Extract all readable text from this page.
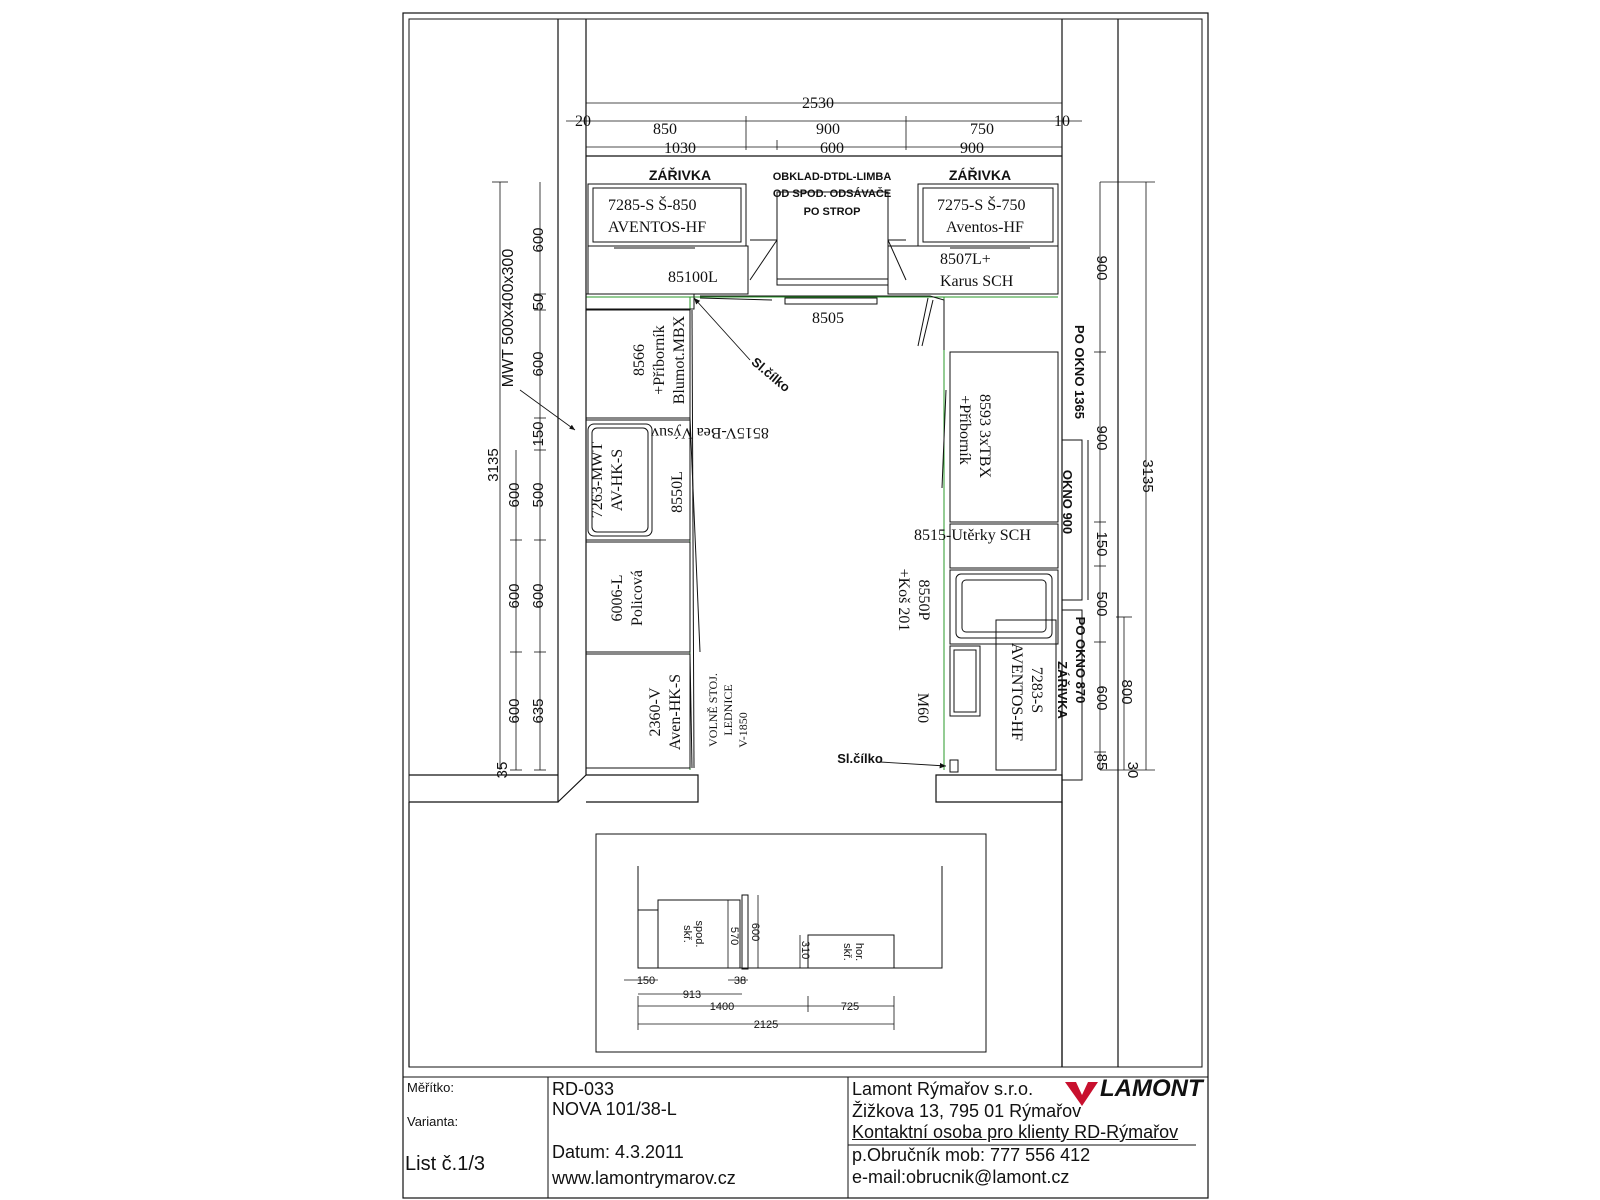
2530
20	10
850	900	750
1030	600	900
ZÁŘIVKA	OBKLAD-DTDL-LIMBA
OD SPOD. ODSÁVAČE
PO STROP
ZÁŘIVKA
7285-S Š-850
AVENTOS-HF
7275-S Š-750
Aventos-HF
85100L
8505
8507L+
Karus SCH
8566 +Příborník Blumot.MBX
8515V-Bea Výsuv
7263-MWT AV-HK-S	8550L
6006-L Policová
2360-V Aven-HK-S VOLNĚ STOJ. LEDNICE V-1850
8593 3xTBX
+Příborník
8515-Utěrky SCH
8550P
+Koš 201
7283-S
AVENTOS-HF
M60
Sl.čílko
Sl.čílko
MWT 500x400x300	PO OKNO 1365
OKNO 900
PO OKNO 870
ZÁŘIVKA
3135
600
50
600
150
500
600
635
35
600
600
600
3135
900
900
150
500
600
85
800
30
spod.
skř.
hor.
skř.
570 600
310
150	38
913
1400	725
2125
Měřítko:
Varianta:
List č.1/3
RD-033
NOVA 101/38-L
Datum: 4.3.2011
www.lamontrymarov.cz
Lamont Rýmařov s.r.o.	LAMONT
Žižkova 13, 795 01 Rýmařov
Kontaktní osoba pro klienty RD-Rýmařov
p.Obručník mob: 777 556 412
e-mail:obrucnik@lamont.cz
